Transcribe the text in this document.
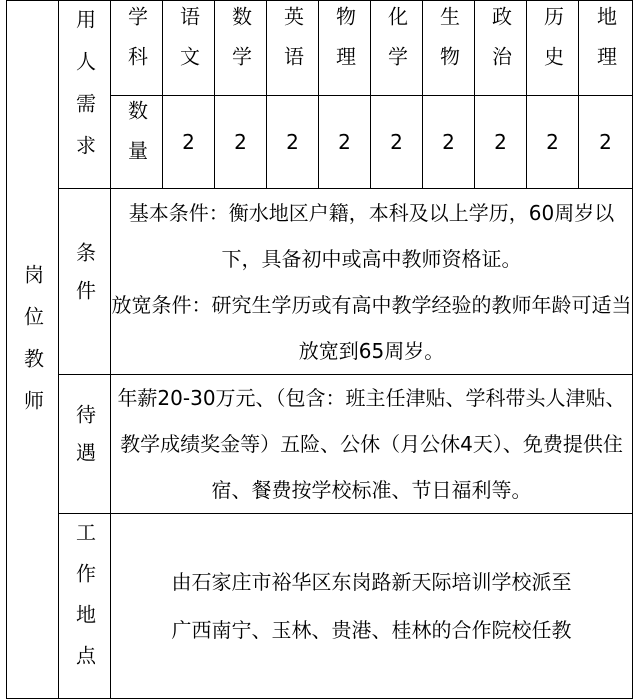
岗位教师	用人需求	学科	语文	数学	英语	物理	化学	生物	政治	历史	地理
		数量	2	2	2	2	2	2	2	2	2
	条件	基本条件：衡水地区户籍，本科及以上学历，60周岁以下，具备初中或高中教师资格证。

放宽条件：研究生学历或有高中教学经验的教师年龄可适当放宽到65周岁。									

	待遇	年薪20-30万元、（包含：班主任津贴、学科带头人津贴、教学成绩奖金等）五险、公休（月公休4天）、免费提供住宿、餐费按学校标准、节日福利等。									

	工作地点	由石家庄市裕华区东岗路新天际培训学校派至

广西南宁、玉林、贵港、桂林的合作院校任教									
